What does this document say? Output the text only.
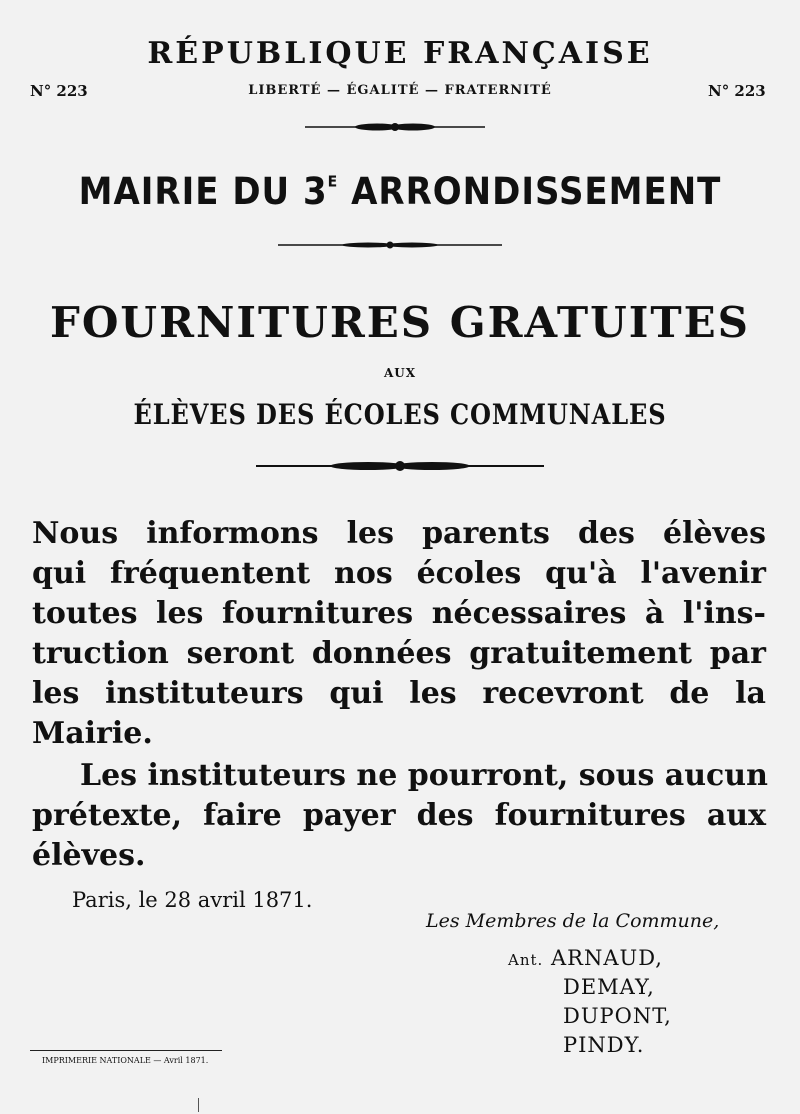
RÉPUBLIQUE FRANÇAISE
N° 223	LIBERTÉ — ÉGALITÉ — FRATERNITÉ	N° 223
MAIRIE DU $3^E$ ARRONDISSEMENT
FOURNITURES GRATUITES
AUX
ÉLÈVES DES ÉCOLES COMMUNALES
Nous informons les parents des élèves
qui fréquentent nos écoles qu'à l'avenir
toutes les fournitures nécessaires à l'ins-
truction seront données gratuitement par
les instituteurs qui les recevront de la
Mairie.
Les instituteurs ne pourront, sous aucun
prétexte, faire payer des fournitures aux
élèves.
Paris, le 28 avril 1871.
Les Membres de la Commune,
Ant. ARNAUD,
DEMAY,
DUPONT,
PINDY.
IMPRIMERIE NATIONALE — Avril 1871.
